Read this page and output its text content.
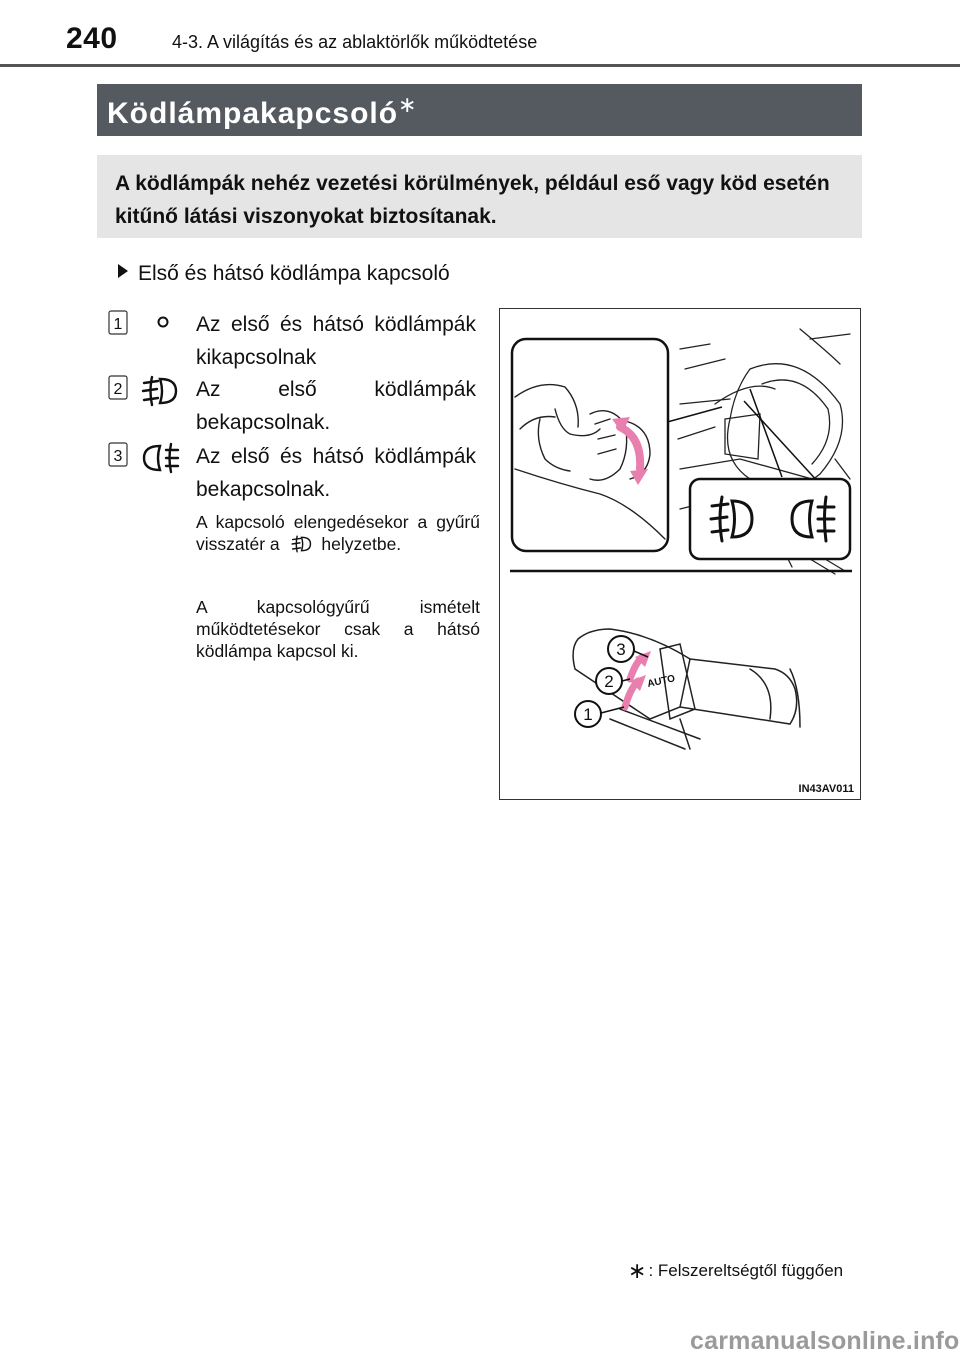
240	4-3. A világítás és az ablaktörlők működtetése
Ködlámpakapcsoló∗
A ködlámpák nehéz vezetési körülmények, például eső vagy köd esetén kitűnő látási viszonyokat biztosítanak.
Első és hátsó ködlámpa kapcsoló
1	Az első és hátsó ködlámpák kikapcsolnak
2	Az első ködlámpák bekapcsolnak.
3	Az első és hátsó ködlámpák bekapcsolnak.
A kapcsoló elengedésekor a gyűrű visszatér a helyzetbe.
A kapcsológyűrű ismételt működtetésekor csak a hátsó ködlámpa kapcsol ki.
AUTO
1
2
3
IN43AV011
∗ : Felszereltségtől függően
carmanualsonline.info
